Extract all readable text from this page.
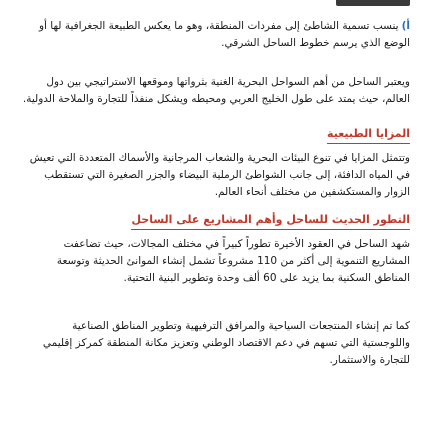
أ)ينسب تسمية الشاطئ إلى مفردات المنطقة، وهو ما يعكس الطبيعة الجغرافية لها أو الوضع الذي يرسم خطوط الساحل الشرقي.

ويعتبر الساحل من أهم السواحل البحرية الغنية بثرواتها وموقعها الاستراتيجي بين دول العالم، حيث يمتد على طول الخليج العربي ومحيطه ويشكل منفذاً للتجارة والملاحة الدولية.

المزايا الطبيعية

وتتمثل المزايا في تنوع البيئات البحرية والشعاب المرجانية والأسماك المتعددة التي تعيش في المياه الدافئة، إلى جانب الشواطئ الرملية البيضاء والجزر الصغيرة التي تستقطب الزوار والمستكشفين من مختلف أنحاء العالم.

التطور الحديث للساحل وأهم المشاريع على الساحل

شهد الساحل في العقود الأخيرة تطوراً كبيراً في مختلف المجالات، حيث تضاعفت المشاريع التنموية إلى أكثر من 110 مشروعاً تشمل إنشاء الموانئ الحديثة وتوسعة المناطق السكنية بما يزيد على 60 ألف وحدة وتطوير البنية التحتية.

كما تم إنشاء المنتجعات السياحية والمرافق الترفيهية وتطوير المناطق الصناعية واللوجستية التي تسهم في دعم الاقتصاد الوطني وتعزيز مكانة المنطقة كمركز إقليمي للتجارة والاستثمار.
